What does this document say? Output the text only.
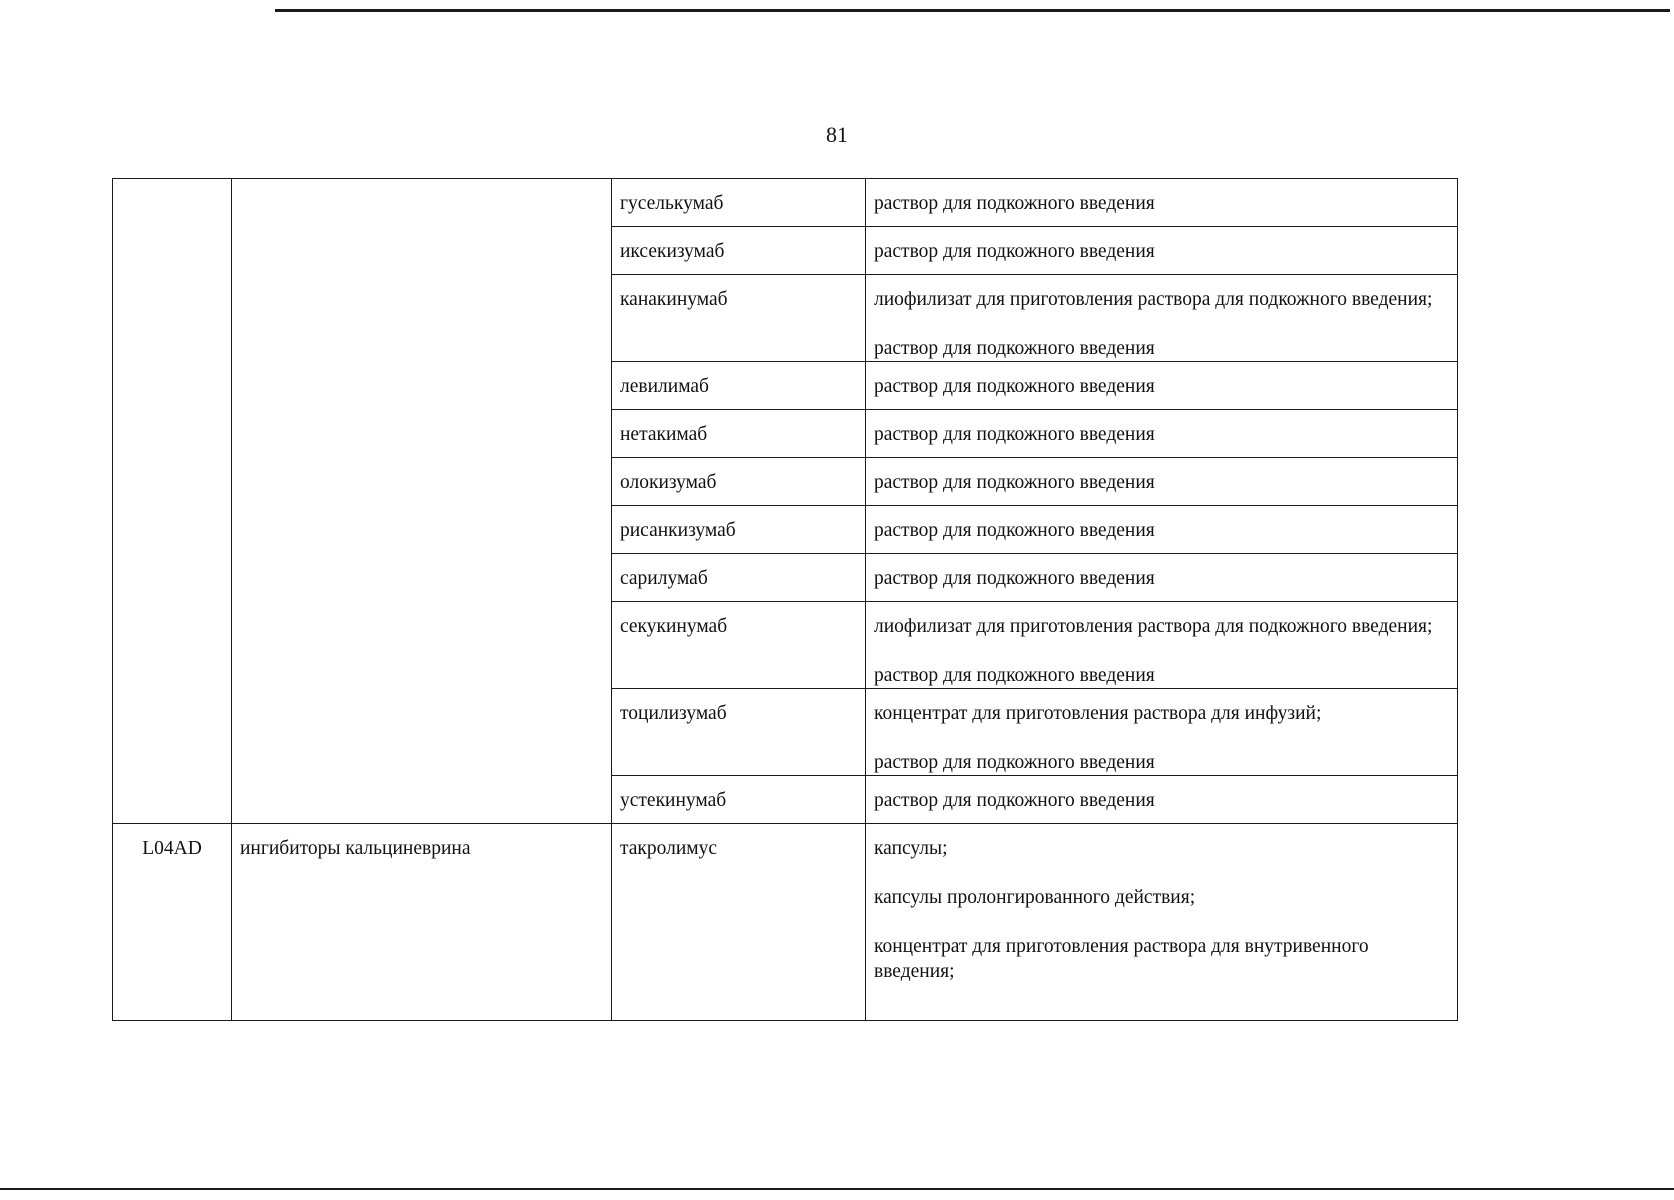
81
		гуселькумаб	раствор для подкожного введения

		иксекизумаб	раствор для подкожного введения

		канакинумаб	лиофилизат для приготовления раствора для подкожного введения;
раствор для подкожного введения

		левилимаб	раствор для подкожного введения

		нетакимаб	раствор для подкожного введения

		олокизумаб	раствор для подкожного введения

		рисанкизумаб	раствор для подкожного введения

		сарилумаб	раствор для подкожного введения

		секукинумаб	лиофилизат для приготовления раствора для подкожного введения;
раствор для подкожного введения

		тоцилизумаб	концентрат для приготовления раствора для инфузий;
раствор для подкожного введения

		устекинумаб	раствор для подкожного введения

L04AD	ингибиторы кальциневрина	такролимус	капсулы;
капсулы пролонгированного действия;
концентрат для приготовления раствора для внутривенного введения;
